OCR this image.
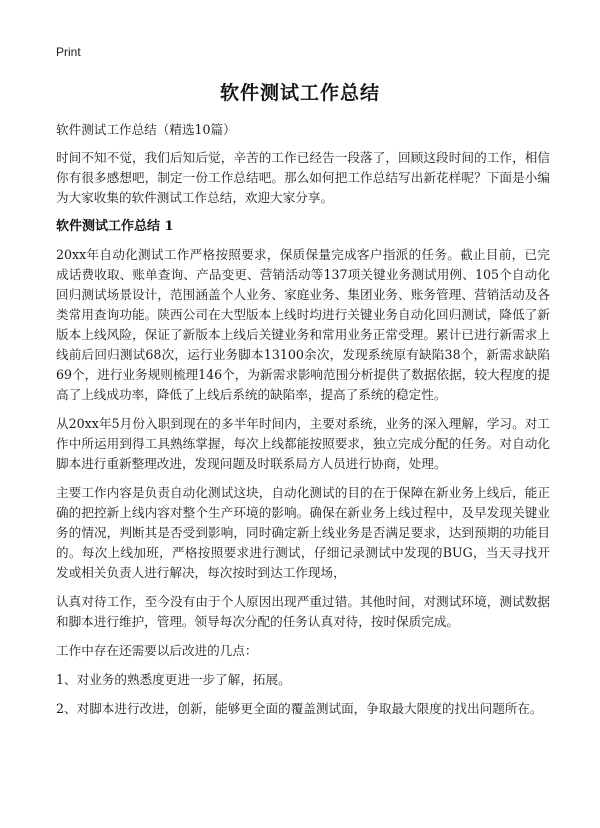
Print
软件测试工作总结

软件测试工作总结（精选10篇）

时间不知不觉，我们后知后觉，辛苦的工作已经告一段落了，回顾这段时间的工作，相信你有很多感想吧，制定一份工作总结吧。那么如何把工作总结写出新花样呢？下面是小编为大家收集的软件测试工作总结，欢迎大家分享。

软件测试工作总结 1

20xx年自动化测试工作严格按照要求，保质保量完成客户指派的任务。截止目前，已完成话费收取、账单查询、产品变更、营销活动等137项关键业务测试用例、105个自动化回归测试场景设计，范围涵盖个人业务、家庭业务、集团业务、账务管理、营销活动及各类常用查询功能。陕西公司在大型版本上线时均进行关键业务自动化回归测试，降低了新版本上线风险，保证了新版本上线后关键业务和常用业务正常受理。累计已进行新需求上线前后回归测试68次，运行业务脚本13100余次，发现系统原有缺陷38个，新需求缺陷69个，进行业务规则梳理146个，为新需求影响范围分析提供了数据依据，较大程度的提高了上线成功率，降低了上线后系统的缺陷率，提高了系统的稳定性。

从20xx年5月份入职到现在的多半年时间内，主要对系统，业务的深入理解，学习。对工作中所运用到得工具熟练掌握，每次上线都能按照要求，独立完成分配的任务。对自动化脚本进行重新整理改进，发现问题及时联系局方人员进行协商，处理。

主要工作内容是负责自动化测试这块，自动化测试的目的在于保障在新业务上线后，能正确的把控新上线内容对整个生产环境的影响。确保在新业务上线过程中，及早发现关键业务的情况，判断其是否受到影响，同时确定新上线业务是否满足要求，达到预期的功能目的。每次上线加班，严格按照要求进行测试，仔细记录测试中发现的BUG，当天寻找开发或相关负责人进行解决，每次按时到达工作现场，

认真对待工作，至今没有由于个人原因出现严重过错。其他时间，对测试环境，测试数据和脚本进行维护，管理。领导每次分配的任务认真对待，按时保质完成。

工作中存在还需要以后改进的几点：

1、对业务的熟悉度更进一步了解，拓展。

2、对脚本进行改进，创新，能够更全面的覆盖测试面，争取最大限度的找出问题所在。
